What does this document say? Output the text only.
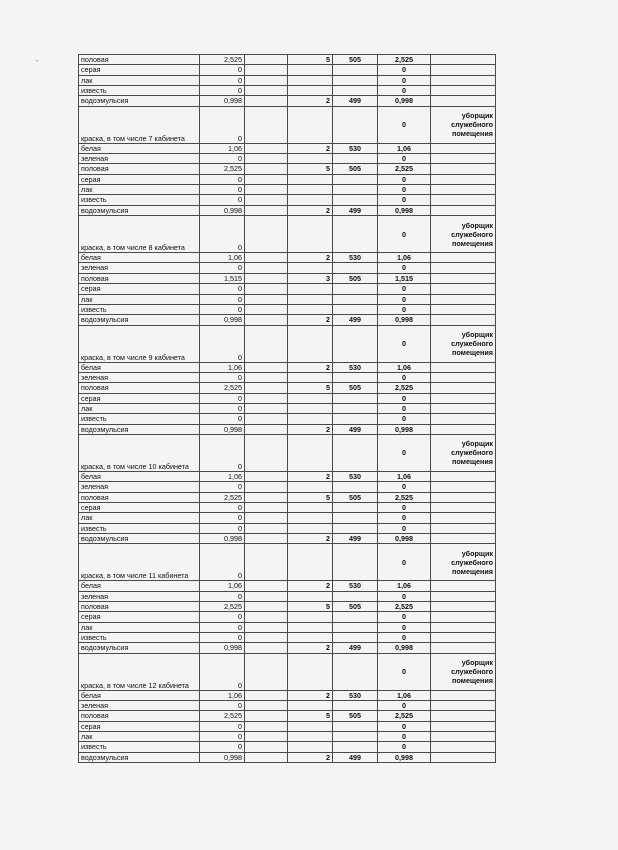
-	половая	2,525		5	505	2,525	
серая	0				0	
лак	0				0	
известь	0				0	
водоэмульсия	0,998		2	499	0,998	
краска, в том числе 7 кабинета	0				0	уборщик служебного помещения
белая	1,06		2	530	1,06	
зеленая	0				0	
половая	2,525		5	505	2,525	
серая	0				0	
лак	0				0	
известь	0				0	
водоэмульсия	0,998		2	499	0,998	
краска, в том числе 8 кабинета	0				0	уборщик служебного помещения
белая	1,06		2	530	1,06	
зеленая	0				0	
половая	1,515		3	505	1,515	
серая	0				0	
лак	0				0	
известь	0				0	
водоэмульсия	0,998		2	499	0,998	
краска, в том числе 9 кабинета	0				0	уборщик служебного помещения
белая	1,06		2	530	1,06	
зеленая	0				0	
половая	2,525		5	505	2,525	
серая	0				0	
лак	0				0	
известь	0				0	
водоэмульсия	0,998		2	499	0,998	
краска, в том числе 10 кабинета	0				0	уборщик служебного помещения
белая	1,06		2	530	1,06	
зеленая	0				0	
половая	2,525		5	505	2,525	
серая	0				0	
лак	0				0	
известь	0				0	
водоэмульсия	0,998		2	499	0,998	
краска, в том числе 11 кабинета	0				0	уборщик служебного помещения
белая	1,06		2	530	1,06	
зеленая	0				0	
половая	2,525		5	505	2,525	
серая	0				0	
лак	0				0	
известь	0				0	
водоэмульсия	0,998		2	499	0,998	
краска, в том числе 12 кабинета	0				0	уборщик служебного помещения
белая	1,06		2	530	1,06	
зеленая	0				0	
половая	2,525		5	505	2,525	
серая	0				0	
лак	0				0	
известь	0				0	
водоэмульсия	0,998		2	499	0,998	
